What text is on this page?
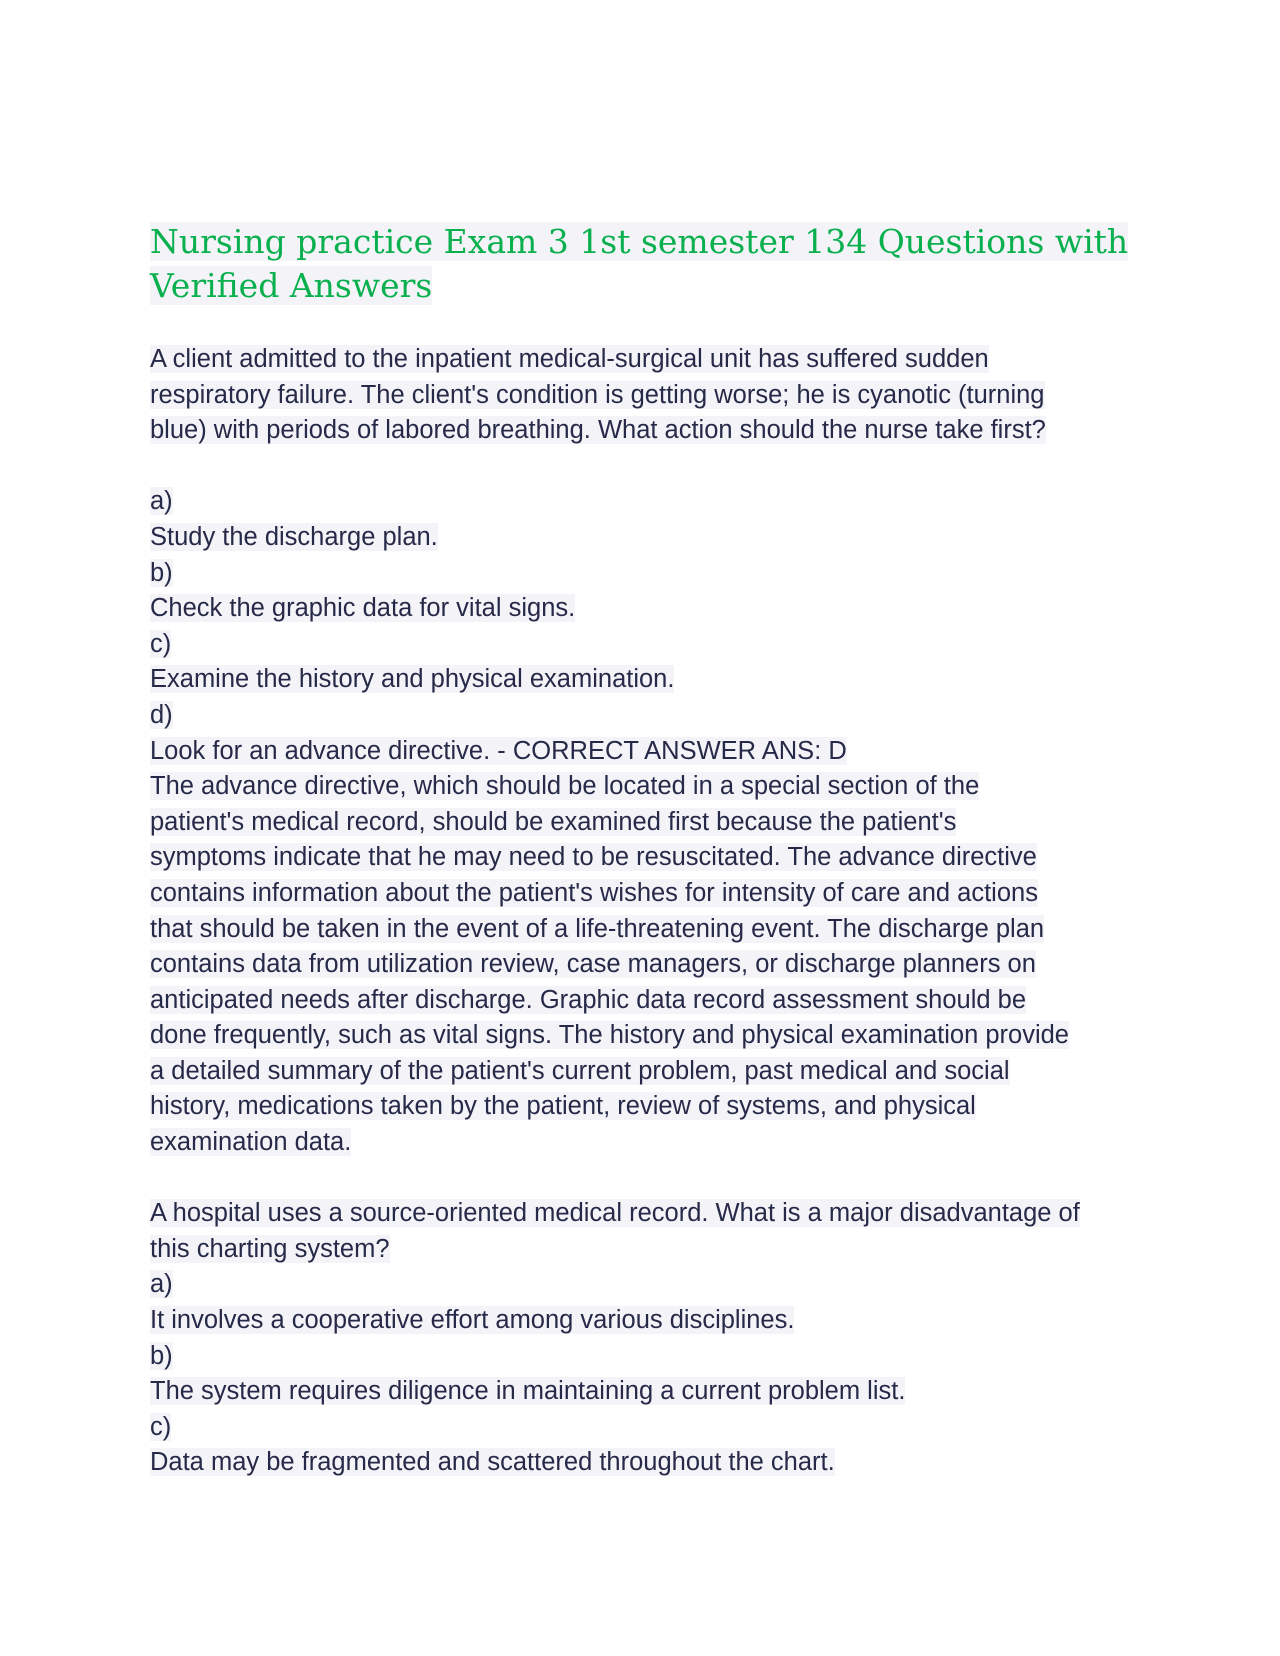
Nursing practice Exam 3 1st semester 134 Questions with
Verified Answers
A client admitted to the inpatient medical-surgical unit has suffered sudden
respiratory failure. The client's condition is getting worse; he is cyanotic (turning
blue) with periods of labored breathing. What action should the nurse take first?
a)
Study the discharge plan.
b)
Check the graphic data for vital signs.
c)
Examine the history and physical examination.
d)
Look for an advance directive. - CORRECT ANSWER ANS: D
The advance directive, which should be located in a special section of the
patient's medical record, should be examined first because the patient's
symptoms indicate that he may need to be resuscitated. The advance directive
contains information about the patient's wishes for intensity of care and actions
that should be taken in the event of a life-threatening event. The discharge plan
contains data from utilization review, case managers, or discharge planners on
anticipated needs after discharge. Graphic data record assessment should be
done frequently, such as vital signs. The history and physical examination provide
a detailed summary of the patient's current problem, past medical and social
history, medications taken by the patient, review of systems, and physical
examination data.
A hospital uses a source-oriented medical record. What is a major disadvantage of
this charting system?
a)
It involves a cooperative effort among various disciplines.
b)
The system requires diligence in maintaining a current problem list.
c)
Data may be fragmented and scattered throughout the chart.
